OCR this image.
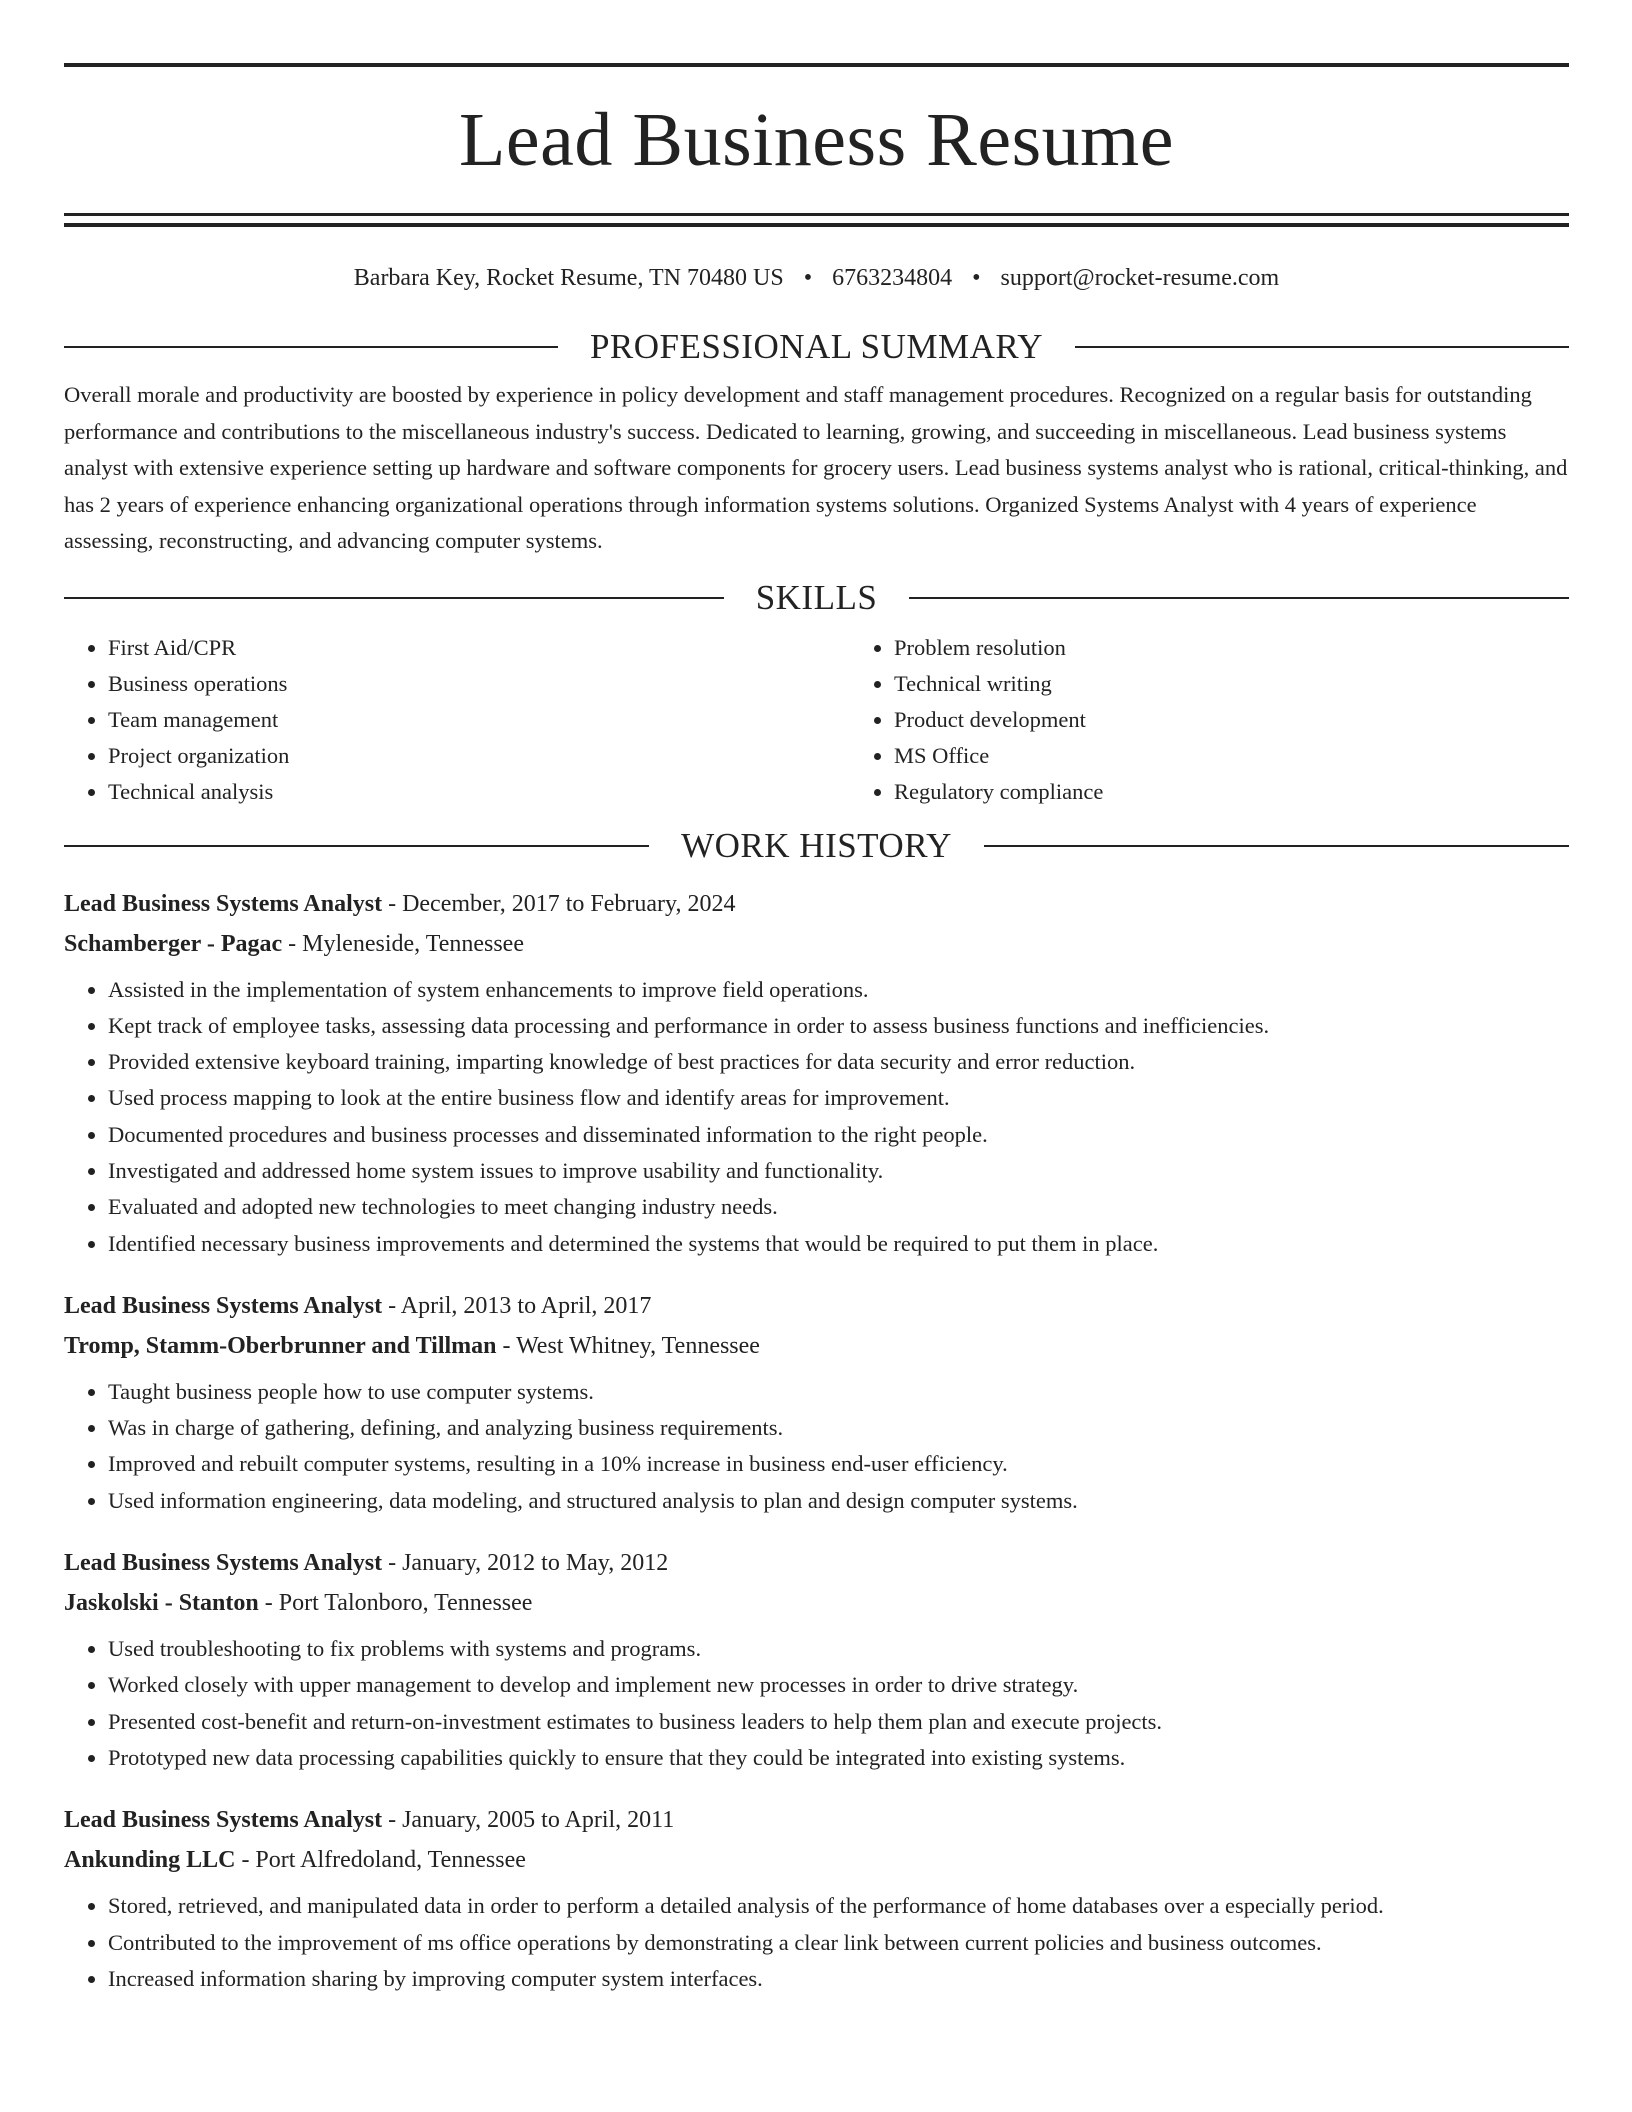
Lead Business Resume
Barbara Key, Rocket Resume, TN 70480 US • 6763234804 • support@rocket-resume.com
PROFESSIONAL SUMMARY
Overall morale and productivity are boosted by experience in policy development and staff management procedures. Recognized on a regular basis for outstanding performance and contributions to the miscellaneous industry's success. Dedicated to learning, growing, and succeeding in miscellaneous. Lead business systems analyst with extensive experience setting up hardware and software components for grocery users. Lead business systems analyst who is rational, critical-thinking, and has 2 years of experience enhancing organizational operations through information systems solutions. Organized Systems Analyst with 4 years of experience assessing, reconstructing, and advancing computer systems.
SKILLS
• First Aid/CPR
• Business operations
• Team management
• Project organization
• Technical analysis
• Problem resolution
• Technical writing
• Product development
• MS Office
• Regulatory compliance
WORK HISTORY
Lead Business Systems Analyst - December, 2017 to February, 2024
Schamberger - Pagac - Myleneside, Tennessee
• Assisted in the implementation of system enhancements to improve field operations.
• Kept track of employee tasks, assessing data processing and performance in order to assess business functions and inefficiencies.
• Provided extensive keyboard training, imparting knowledge of best practices for data security and error reduction.
• Used process mapping to look at the entire business flow and identify areas for improvement.
• Documented procedures and business processes and disseminated information to the right people.
• Investigated and addressed home system issues to improve usability and functionality.
• Evaluated and adopted new technologies to meet changing industry needs.
• Identified necessary business improvements and determined the systems that would be required to put them in place.
Lead Business Systems Analyst - April, 2013 to April, 2017
Tromp, Stamm-Oberbrunner and Tillman - West Whitney, Tennessee
• Taught business people how to use computer systems.
• Was in charge of gathering, defining, and analyzing business requirements.
• Improved and rebuilt computer systems, resulting in a 10% increase in business end-user efficiency.
• Used information engineering, data modeling, and structured analysis to plan and design computer systems.
Lead Business Systems Analyst - January, 2012 to May, 2012
Jaskolski - Stanton - Port Talonboro, Tennessee
• Used troubleshooting to fix problems with systems and programs.
• Worked closely with upper management to develop and implement new processes in order to drive strategy.
• Presented cost-benefit and return-on-investment estimates to business leaders to help them plan and execute projects.
• Prototyped new data processing capabilities quickly to ensure that they could be integrated into existing systems.
Lead Business Systems Analyst - January, 2005 to April, 2011
Ankunding LLC - Port Alfredoland, Tennessee
• Stored, retrieved, and manipulated data in order to perform a detailed analysis of the performance of home databases over a especially period.
• Contributed to the improvement of ms office operations by demonstrating a clear link between current policies and business outcomes.
• Increased information sharing by improving computer system interfaces.
